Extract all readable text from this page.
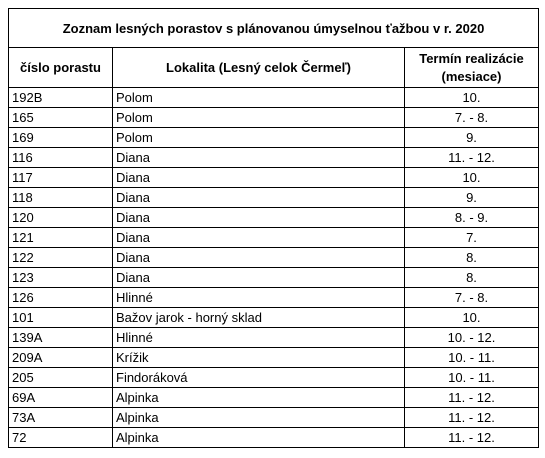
Zoznam lesných porastov s plánovanou úmyselnou ťažbou v r. 2020		
číslo porastu	Lokalita (Lesný celok Čermeľ)	Termín realizácie (mesiace)
192B	Polom	10.
165	Polom	7. - 8.
169	Polom	9.
116	Diana	11. - 12.
117	Diana	10.
118	Diana	9.
120	Diana	8. - 9.
121	Diana	7.
122	Diana	8.
123	Diana	8.
126	Hlinné	7. - 8.
101	Bažov jarok - horný sklad	10.
139A	Hlinné	10. - 12.
209A	Krížik	10. - 11.
205	Findoráková	10. - 11.
69A	Alpinka	11. - 12.
73A	Alpinka	11. - 12.
72	Alpinka	11. - 12.
